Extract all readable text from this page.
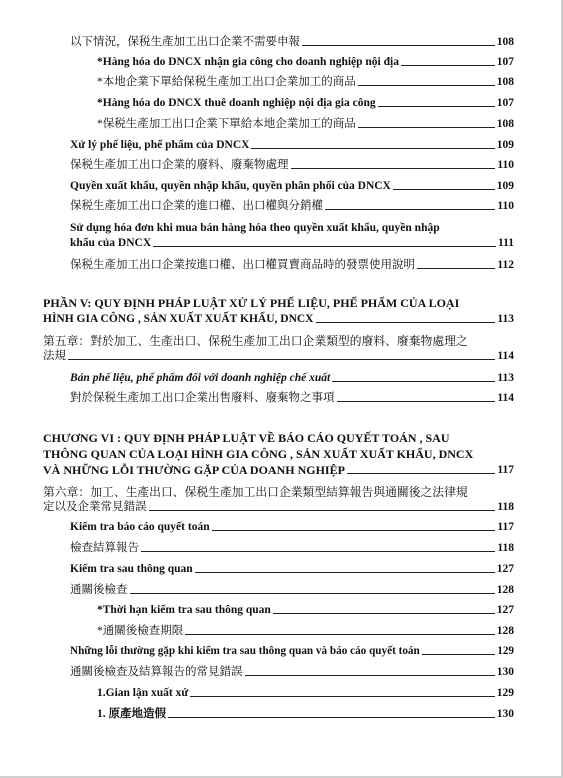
以下情況，保税生產加工出口企業不需要申報	108
*Hàng hóa do DNCX nhận gia công cho doanh nghiệp nội địa	107
*本地企業下單給保税生產加工出口企業加工的商品	108
*Hàng hóa do DNCX thuê doanh nghiệp nội địa gia công	107
*保税生產加工出口企業下單給本地企業加工的商品	108
Xử lý phế liệu, phế phẩm của DNCX	109
保税生產加工出口企業的廢料、廢棄物處理	110
Quyền xuất khẩu, quyền nhập khẩu, quyền phân phối của DNCX	109
保税生產加工出口企業的進口權、出口權與分銷權	110
Sử dụng hóa đơn khi mua bán hàng hóa theo quyền xuất khẩu, quyền nhập
khẩu của DNCX	111
保税生產加工出口企業按進口權、出口權買賣商品時的發票使用說明	112
PHẦN V: QUY ĐỊNH PHÁP LUẬT XỬ LÝ PHẾ LIỆU, PHẾ PHẨM CỦA LOẠI
HÌNH GIA CÔNG , SẢN XUẤT XUẤT KHẨU, DNCX	113
第五章：對於加工、生產出口、保税生產加工出口企業類型的廢料、廢棄物處理之
法規	114
Bán phế liệu, phế phẩm đối với doanh nghiệp chế xuất	113
對於保税生產加工出口企業出售廢料、廢棄物之事項	114
CHƯƠNG VI : QUY ĐỊNH PHÁP LUẬT VỀ BÁO CÁO QUYẾT TOÁN , SAU
THÔNG QUAN CỦA LOẠI HÌNH GIA CÔNG , SẢN XUẤT XUẤT KHẨU, DNCX
VÀ NHỮNG LỖI THƯỜNG GẶP CỦA DOANH NGHIỆP	117
第六章：加工、生產出口、保税生產加工出口企業類型結算報告與通關後之法律規
定以及企業常見錯誤	118
Kiểm tra báo cáo quyết toán	117
檢查結算報告	118
Kiểm tra sau thông quan	127
通關後檢查	128
*Thời hạn kiểm tra sau thông quan	127
*通關後檢查期限	128
Những lỗi thường gặp khi kiểm tra sau thông quan và báo cáo quyết toán	129
通關後檢查及結算報告的常見錯誤	130
1.Gian lận xuất xứ	129
1. 原產地造假	130
